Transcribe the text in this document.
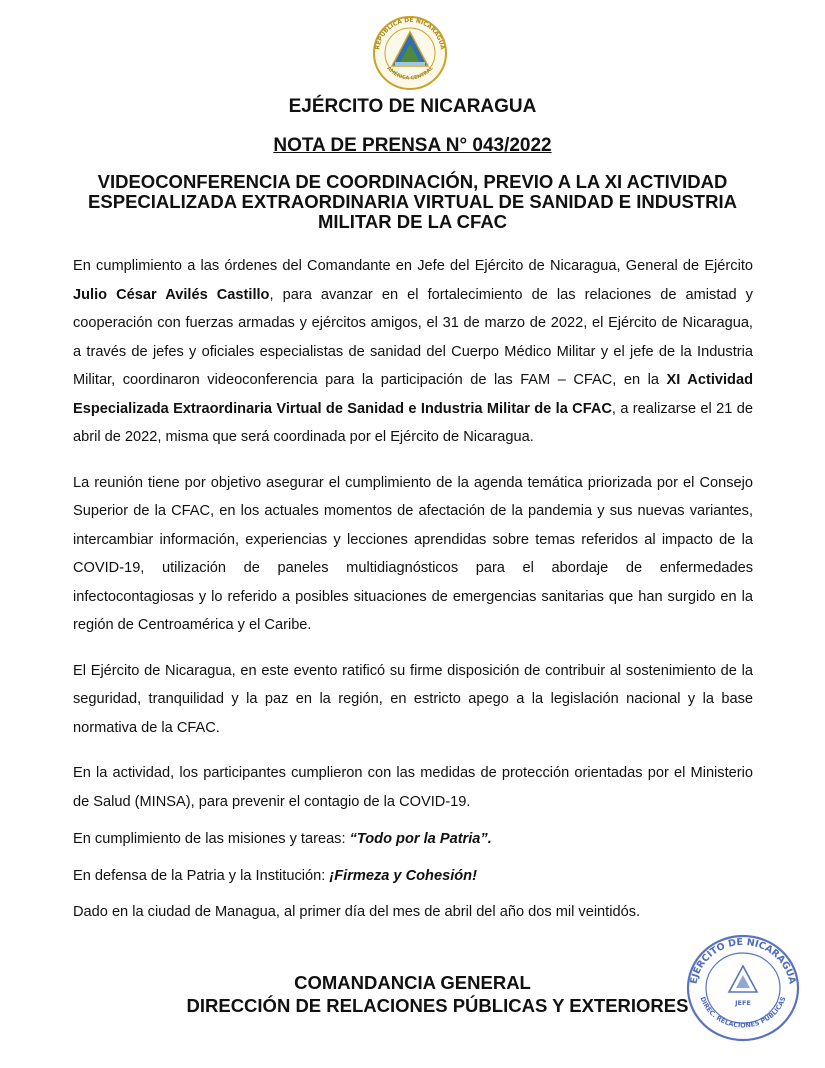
REPÚBLICA DE NICARAGUA
AMÉRICA CENTRAL
EJÉRCITO DE NICARAGUA
NOTA DE PRENSA N° 043/2022
VIDEOCONFERENCIA DE COORDINACIÓN, PREVIO A LA XI ACTIVIDAD
ESPECIALIZADA EXTRAORDINARIA VIRTUAL DE SANIDAD E INDUSTRIA
MILITAR DE LA CFAC

En cumplimiento a las órdenes del Comandante en Jefe del Ejército de Nicaragua, General de Ejército Julio César Avilés Castillo, para avanzar en el fortalecimiento de las relaciones de amistad y cooperación con fuerzas armadas y ejércitos amigos, el 31 de marzo de 2022, el Ejército de Nicaragua, a través de jefes y oficiales especialistas de sanidad del Cuerpo Médico Militar y el jefe de la Industria Militar, coordinaron videoconferencia para la participación de las FAM – CFAC, en la XI Actividad Especializada Extraordinaria Virtual de Sanidad e Industria Militar de la CFAC, a realizarse el 21 de abril de 2022, misma que será coordinada por el Ejército de Nicaragua.

La reunión tiene por objetivo asegurar el cumplimiento de la agenda temática priorizada por el Consejo Superior de la CFAC, en los actuales momentos de afectación de la pandemia y sus nuevas variantes, intercambiar información, experiencias y lecciones aprendidas sobre temas referidos al impacto de la COVID-19, utilización de paneles multidiagnósticos para el abordaje de enfermedades infectocontagiosas y lo referido a posibles situaciones de emergencias sanitarias que han surgido en la región de Centroamérica y el Caribe.

El Ejército de Nicaragua, en este evento ratificó su firme disposición de contribuir al sostenimiento de la seguridad, tranquilidad y la paz en la región, en estricto apego a la legislación nacional y la base normativa de la CFAC.

En la actividad, los participantes cumplieron con las medidas de protección orientadas por el Ministerio de Salud (MINSA), para prevenir el contagio de la COVID-19.

En cumplimiento de las misiones y tareas: “Todo por la Patria”.

En defensa de la Patria y la Institución: ¡Firmeza y Cohesión!

Dado en la ciudad de Managua, al primer día del mes de abril del año dos mil veintidós.

COMANDANCIA GENERAL
DIRECCIÓN DE RELACIONES PÚBLICAS Y EXTERIORES
EJÉRCITO DE NICARAGUA
JEFE
DIREC. RELACIONES PÚBLICAS
